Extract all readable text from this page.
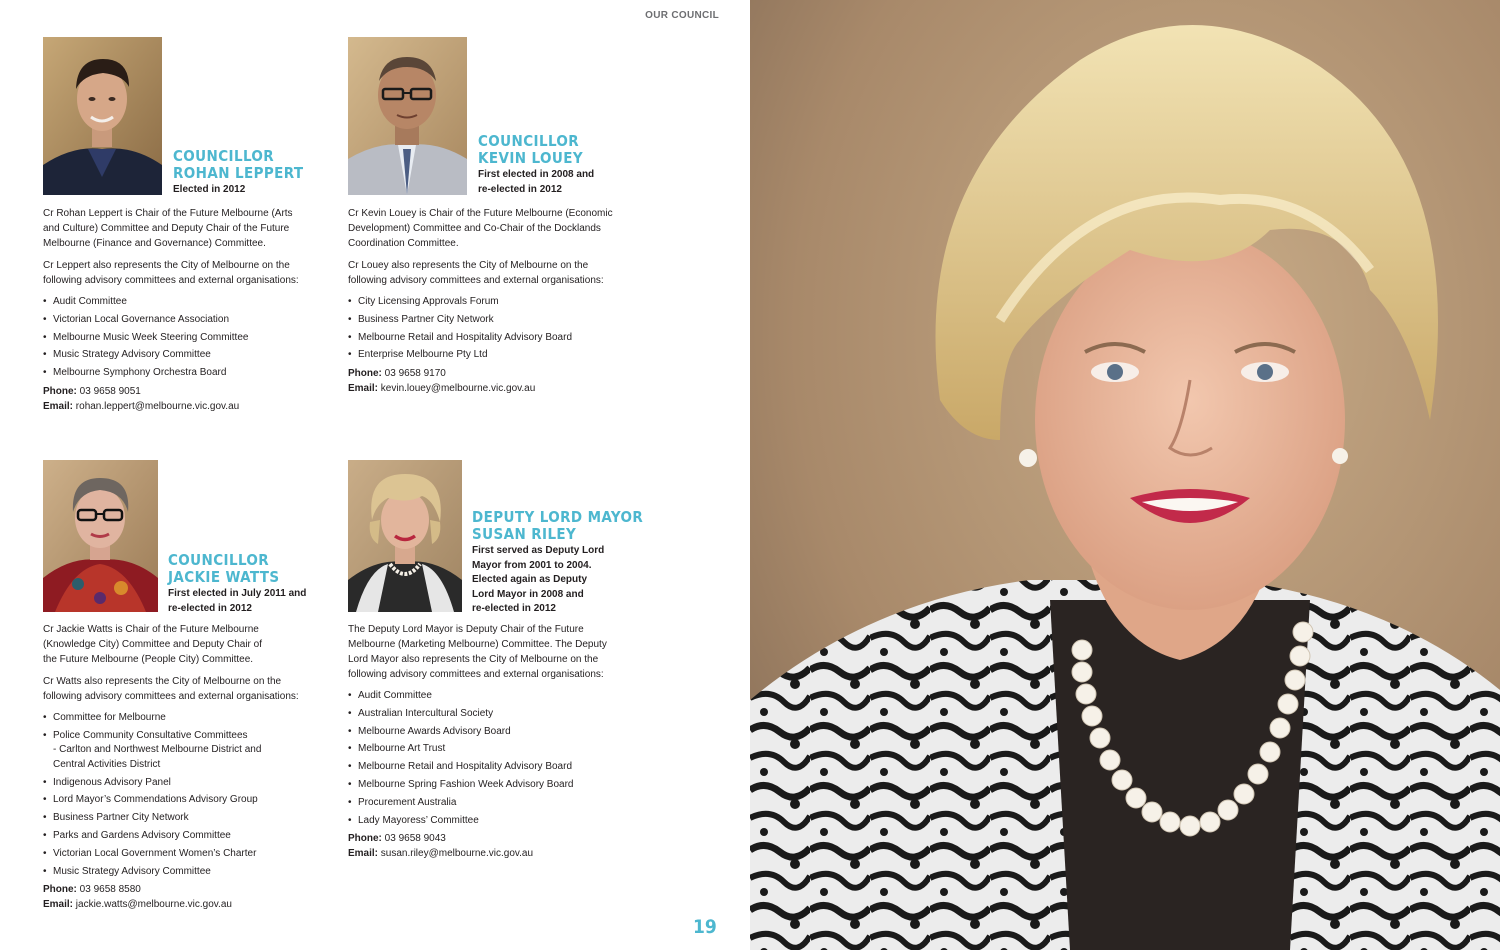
OUR COUNCIL
COUNCILLOR
ROHAN LEPPERT
Elected in 2012

Cr Rohan Leppert is Chair of the Future Melbourne (Arts
and Culture) Committee and Deputy Chair of the Future
Melbourne (Finance and Governance) Committee.

Cr Leppert also represents the City of Melbourne on the
following advisory committees and external organisations:

• Audit Committee
• Victorian Local Governance Association
• Melbourne Music Week Steering Committee
• Music Strategy Advisory Committee
• Melbourne Symphony Orchestra Board
Phone: 03 9658 9051
Email: rohan.leppert@melbourne.vic.gov.au
COUNCILLOR
KEVIN LOUEY
First elected in 2008 and
re-elected in 2012

Cr Kevin Louey is Chair of the Future Melbourne (Economic
Development) Committee and Co-Chair of the Docklands
Coordination Committee.

Cr Louey also represents the City of Melbourne on the
following advisory committees and external organisations:

• City Licensing Approvals Forum
• Business Partner City Network
• Melbourne Retail and Hospitality Advisory Board
• Enterprise Melbourne Pty Ltd
Phone: 03 9658 9170
Email: kevin.louey@melbourne.vic.gov.au
COUNCILLOR
JACKIE WATTS
First elected in July 2011 and
re-elected in 2012

Cr Jackie Watts is Chair of the Future Melbourne
(Knowledge City) Committee and Deputy Chair of
the Future Melbourne (People City) Committee.

Cr Watts also represents the City of Melbourne on the
following advisory committees and external organisations:

• Committee for Melbourne
• Police Community Consultative Committees
- Carlton and Northwest Melbourne District and
Central Activities District
• Indigenous Advisory Panel
• Lord Mayor’s Commendations Advisory Group
• Business Partner City Network
• Parks and Gardens Advisory Committee
• Victorian Local Government Women’s Charter
• Music Strategy Advisory Committee
Phone: 03 9658 8580
Email: jackie.watts@melbourne.vic.gov.au
DEPUTY LORD MAYOR
SUSAN RILEY
First served as Deputy Lord
Mayor from 2001 to 2004.
Elected again as Deputy
Lord Mayor in 2008 and
re-elected in 2012

The Deputy Lord Mayor is Deputy Chair of the Future
Melbourne (Marketing Melbourne) Committee. The Deputy
Lord Mayor also represents the City of Melbourne on the
following advisory committees and external organisations:

• Audit Committee
• Australian Intercultural Society
• Melbourne Awards Advisory Board
• Melbourne Art Trust
• Melbourne Retail and Hospitality Advisory Board
• Melbourne Spring Fashion Week Advisory Board
• Procurement Australia
• Lady Mayoress’ Committee
Phone: 03 9658 9043
Email: susan.riley@melbourne.vic.gov.au
19
